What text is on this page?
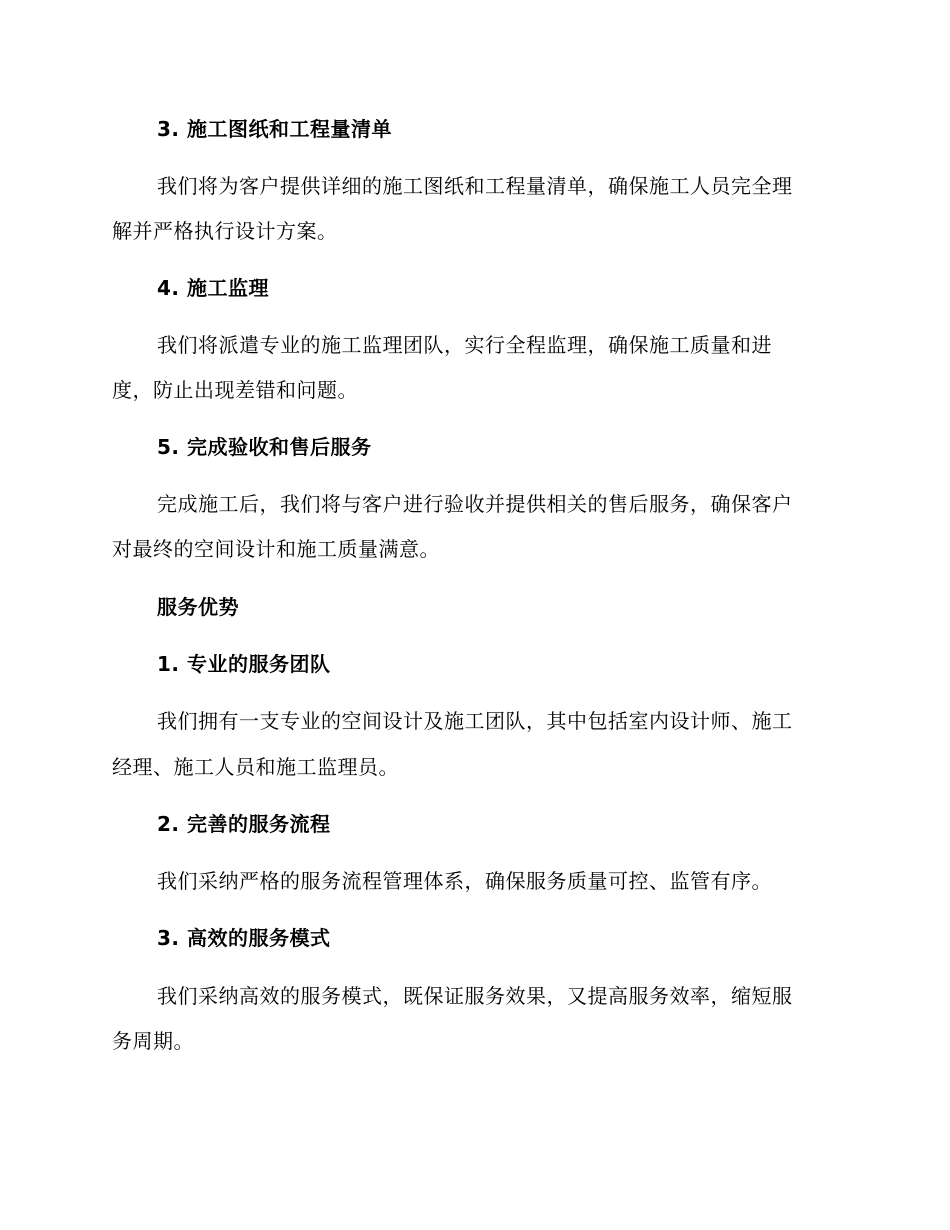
3. 施工图纸和工程量清单
我们将为客户提供详细的施工图纸和工程量清单，确保施工人员完全理
解并严格执行设计方案。
4. 施工监理
我们将派遣专业的施工监理团队，实行全程监理，确保施工质量和进
度，防止出现差错和问题。
5. 完成验收和售后服务
完成施工后，我们将与客户进行验收并提供相关的售后服务，确保客户
对最终的空间设计和施工质量满意。
服务优势
1. 专业的服务团队
我们拥有一支专业的空间设计及施工团队，其中包括室内设计师、施工
经理、施工人员和施工监理员。
2. 完善的服务流程
我们采纳严格的服务流程管理体系，确保服务质量可控、监管有序。
3. 高效的服务模式
我们采纳高效的服务模式，既保证服务效果，又提高服务效率，缩短服
务周期。
